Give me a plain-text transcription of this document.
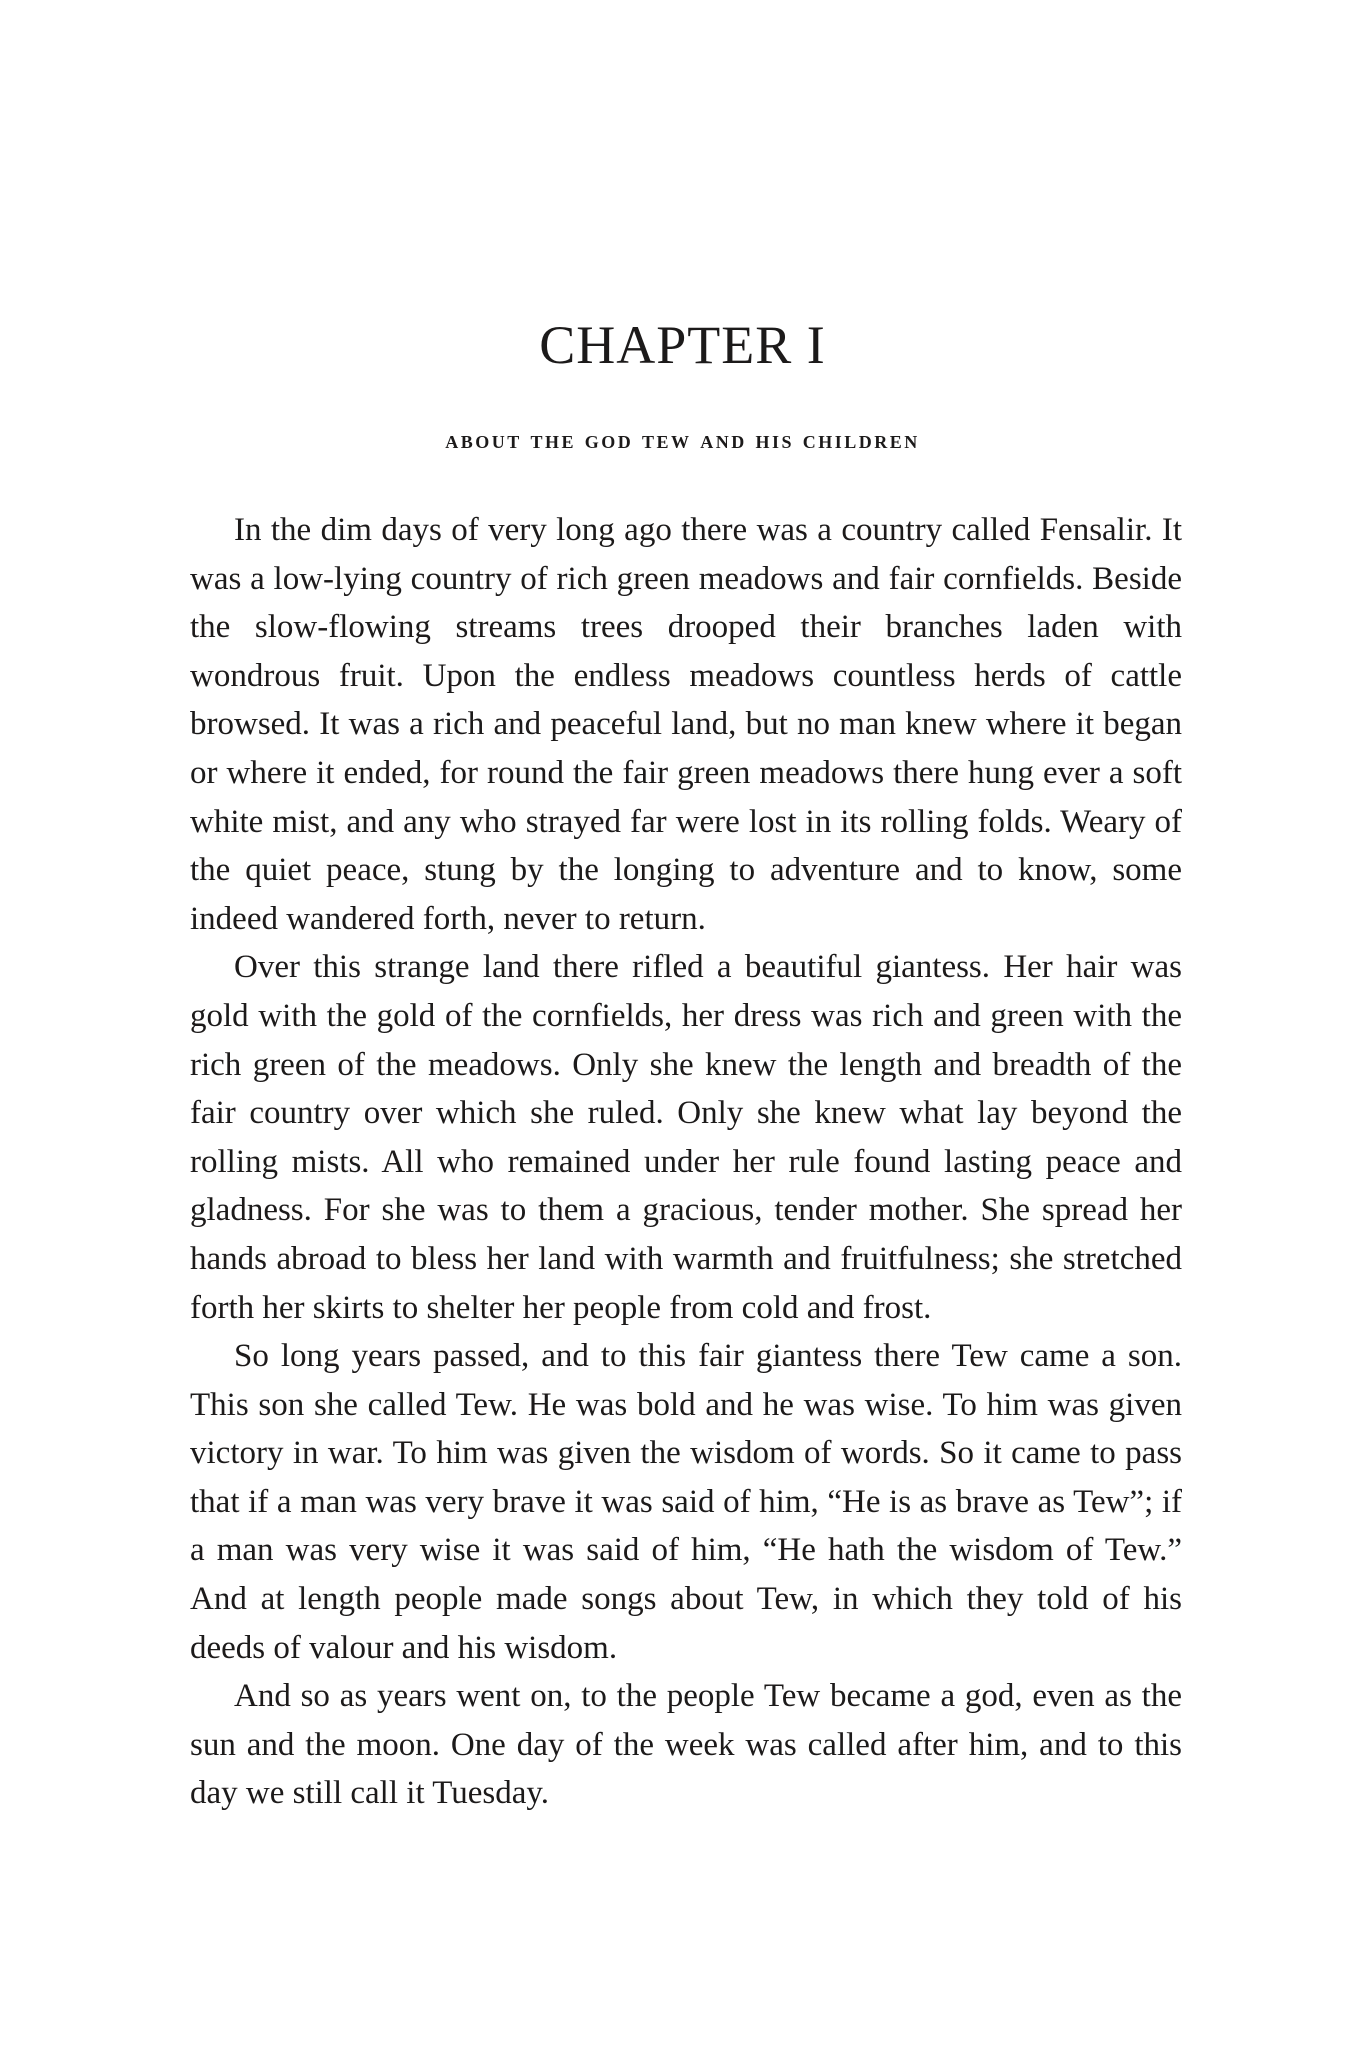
CHAPTER I
about the god tew and his children

In the dim days of very long ago there was a country called Fensalir. It was a low-lying country of rich green meadows and fair cornfields. Beside the slow-flowing streams trees drooped their branches laden with wondrous fruit. Upon the endless meadows countless herds of cattle browsed. It was a rich and peaceful land, but no man knew where it began or where it ended, for round the fair green meadows there hung ever a soft white mist, and any who strayed far were lost in its rolling folds. Weary of the quiet peace, stung by the longing to adventure and to know, some indeed wandered forth, never to return.

Over this strange land there rifled a beautiful giantess. Her hair was gold with the gold of the cornfields, her dress was rich and green with the rich green of the meadows. Only she knew the length and breadth of the fair country over which she ruled. Only she knew what lay beyond the rolling mists. All who remained under her rule found lasting peace and gladness. For she was to them a gracious, tender mother. She spread her hands abroad to bless her land with warmth and fruitfulness; she stretched forth her skirts to shelter her people from cold and frost.

So long years passed, and to this fair giantess there Tew came a son. This son she called Tew. He was bold and he was wise. To him was given victory in war. To him was given the wisdom of words. So it came to pass that if a man was very brave it was said of him, “He is as brave as Tew”; if a man was very wise it was said of him, “He hath the wisdom of Tew.” And at length people made songs about Tew, in which they told of his deeds of valour and his wisdom.

And so as years went on, to the people Tew became a god, even as the sun and the moon. One day of the week was called after him, and to this day we still call it Tuesday.
